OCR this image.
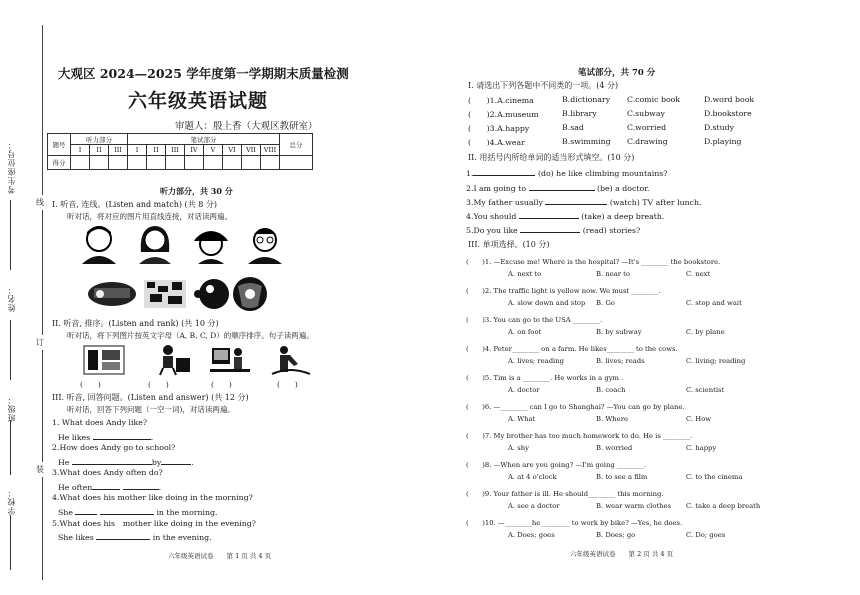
考生座位号：
姓名：
班级：
学校：
线
订
装
大观区 2024—2025 学年度第一学期期末质量检测
六年级英语试题
审题人：殷上香（大观区教研室）
题号	听力部分			笔试部分								总分
	I	II	III	I	II	III	IV	V	VI	VII	VIII	
得分												
听力部分，共 30 分
I. 听音, 连线。(Listen and match) (共 8 分)
听对话，将对应的图片用直线连接，对话读两遍。
II. 听音, 排序。(Listen and rank) (共 10 分)
听对话，将下列图片按英文字母（A, B, C, D）的顺序排序。句子读两遍。
(　　)	(　　)	(　　)	(　　)
III. 听音, 回答问题。(Listen and answer) (共 12 分)
听对话，回答下列问题（一空一词)，对话读两遍。
1. What does Andy like?
He likes	.
2.How does Andy go to school?
He	by	.
3.What does Andy often do?
He often	.
4.What does his mother like doing in the morning?
She	in the morning.
5.What does his　mother like doing in the evening?
She likes	in the evening.
六年级英语试卷　　第 1 页 共 4 页
笔试部分，共 70 分
I. 请选出下列各题中不同类的一项。(4 分)
(　　)1.A.cinema	B.dictionary C.comic book	D.word book
(　　)2.A.museum	B.library	C.subway	D.bookstore
(　　)3.A.happy	B.sad	C.worried	D.study
(　　)4.A.wear	B.swimming C.drawing	D.playing
II. 用括号内所给单词的适当形式填空。(10 分)
1.	(do) he like climbing mountains?
2.I am going to	(be) a doctor.
3.My father usually	(watch) TV after lunch.
4.You should	(take) a deep breath.
5.Do you like	(read) stories?
III. 单项选择。(10 分)
(　　)1. —Excuse me! Where is the hospital? —It's ________ the bookstore.
A. next to	B. near to	C. next
(　　)2. The traffic light is yellow now. We must ________.
A. slow down and stop B. Go	C. stop and wait
(　　)3. You can go to the USA ________.
A. on foot	B. by subway	C. by plane
(　　)4. Peter________ on a farm. He likes________ to the cows.
A. lives; reading	B. lives; reads	C. living; reading
(　　)5. Tim is a ________. He works in a gym .
A. doctor	B. coach	C. scientist
(　　)6. —________ can I go to Shanghai? —You can go by plane.
A. What	B. Where	C. How
(　　)7. My brother has too much homework to do. He is ________.
A. shy	B. worried	C. happy
(　　)8. —When are you going? —I'm going ________.
A. at 4 o'clock	B. to see a film	C. to the cinema
(　　)9. Your father is ill. He should________ this morning.
A. see a doctor	B. wear warm clothes C. take a deep breath
(　　)10. —________he ________ to work by bike? —Yes, he does.
A. Does; goes	B. Does; go	C. Do; goes
六年级英语试卷　　第 2 页 共 4 页
